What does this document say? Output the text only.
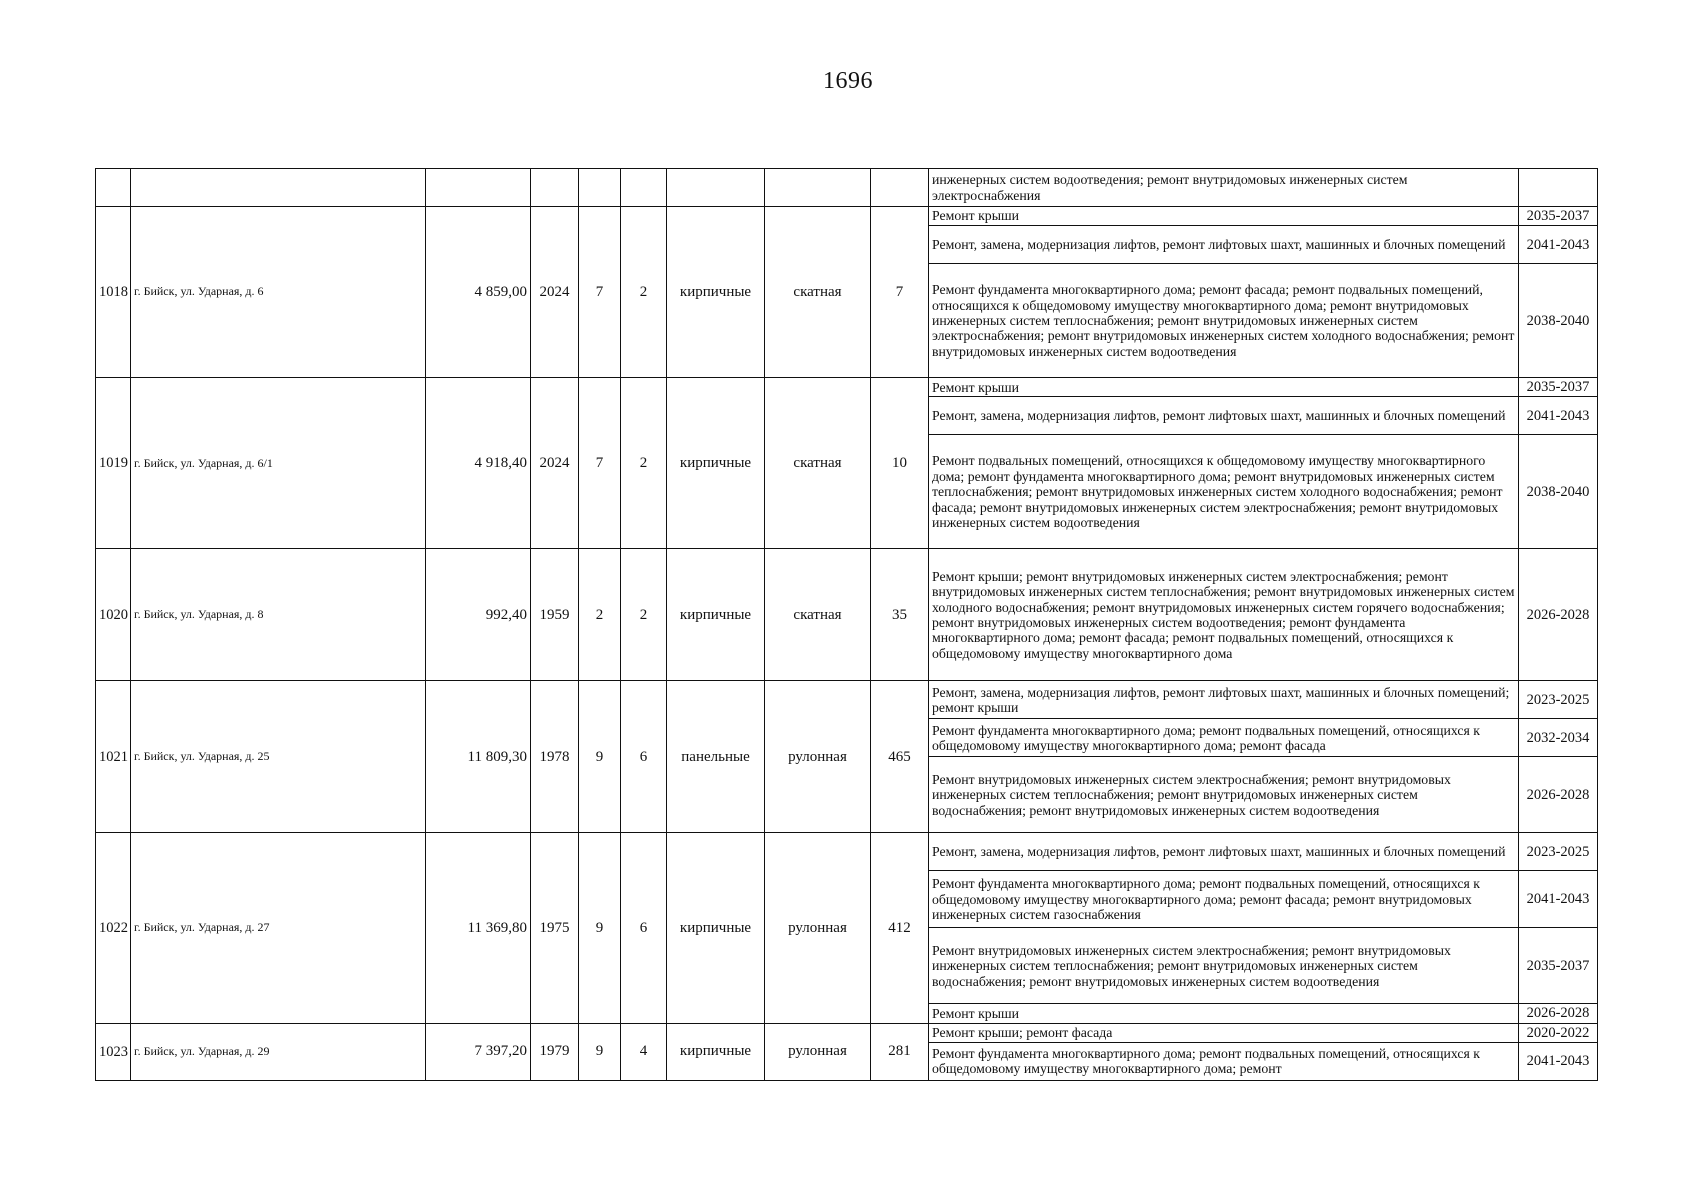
1696
									инженерных систем водоотведения; ремонт внутридомовых инженерных систем электроснабжения	
1018	г. Бийск, ул. Ударная, д. 6	4 859,00	2024	7	2	кирпичные	скатная	7	Ремонт крыши	2035-2037
									Ремонт, замена, модернизация лифтов, ремонт лифтовых шахт, машинных и блочных помещений	2041-2043
									Ремонт фундамента многоквартирного дома; ремонт фасада; ремонт подвальных помещений, относящихся к общедомовому имуществу многоквартирного дома; ремонт внутридомовых инженерных систем теплоснабжения; ремонт внутридомовых инженерных систем электроснабжения; ремонт внутридомовых инженерных систем холодного водоснабжения; ремонт внутридомовых инженерных систем водоотведения	2038-2040
1019	г. Бийск, ул. Ударная, д. 6/1	4 918,40	2024	7	2	кирпичные	скатная	10	Ремонт крыши	2035-2037
									Ремонт, замена, модернизация лифтов, ремонт лифтовых шахт, машинных и блочных помещений	2041-2043
									Ремонт подвальных помещений, относящихся к общедомовому имуществу многоквартирного дома; ремонт фундамента многоквартирного дома; ремонт внутридомовых инженерных систем теплоснабжения; ремонт внутридомовых инженерных систем холодного водоснабжения; ремонт фасада; ремонт внутридомовых инженерных систем электроснабжения; ремонт внутридомовых инженерных систем водоотведения	2038-2040
1020	г. Бийск, ул. Ударная, д. 8	992,40	1959	2	2	кирпичные	скатная	35	Ремонт крыши; ремонт внутридомовых инженерных систем электроснабжения; ремонт внутридомовых инженерных систем теплоснабжения; ремонт внутридомовых инженерных систем холодного водоснабжения; ремонт внутридомовых инженерных систем горячего водоснабжения; ремонт внутридомовых инженерных систем водоотведения; ремонт фундамента многоквартирного дома; ремонт фасада; ремонт подвальных помещений, относящихся к общедомовому имуществу многоквартирного дома	2026-2028
1021	г. Бийск, ул. Ударная, д. 25	11 809,30	1978	9	6	панельные	рулонная	465	Ремонт, замена, модернизация лифтов, ремонт лифтовых шахт, машинных и блочных помещений; ремонт крыши	2023-2025
									Ремонт фундамента многоквартирного дома; ремонт подвальных помещений, относящихся к общедомовому имуществу многоквартирного дома; ремонт фасада	2032-2034
									Ремонт внутридомовых инженерных систем электроснабжения; ремонт внутридомовых инженерных систем теплоснабжения; ремонт внутридомовых инженерных систем водоснабжения; ремонт внутридомовых инженерных систем водоотведения	2026-2028
1022	г. Бийск, ул. Ударная, д. 27	11 369,80	1975	9	6	кирпичные	рулонная	412	Ремонт, замена, модернизация лифтов, ремонт лифтовых шахт, машинных и блочных помещений	2023-2025
									Ремонт фундамента многоквартирного дома; ремонт подвальных помещений, относящихся к общедомовому имуществу многоквартирного дома; ремонт фасада; ремонт внутридомовых инженерных систем газоснабжения	2041-2043
									Ремонт внутридомовых инженерных систем электроснабжения; ремонт внутридомовых инженерных систем теплоснабжения; ремонт внутридомовых инженерных систем водоснабжения; ремонт внутридомовых инженерных систем водоотведения	2035-2037
									Ремонт крыши	2026-2028
1023	г. Бийск, ул. Ударная, д. 29	7 397,20	1979	9	4	кирпичные	рулонная	281	Ремонт крыши; ремонт фасада	2020-2022
									Ремонт фундамента многоквартирного дома; ремонт подвальных помещений, относящихся к общедомовому имуществу многоквартирного дома; ремонт	2041-2043
